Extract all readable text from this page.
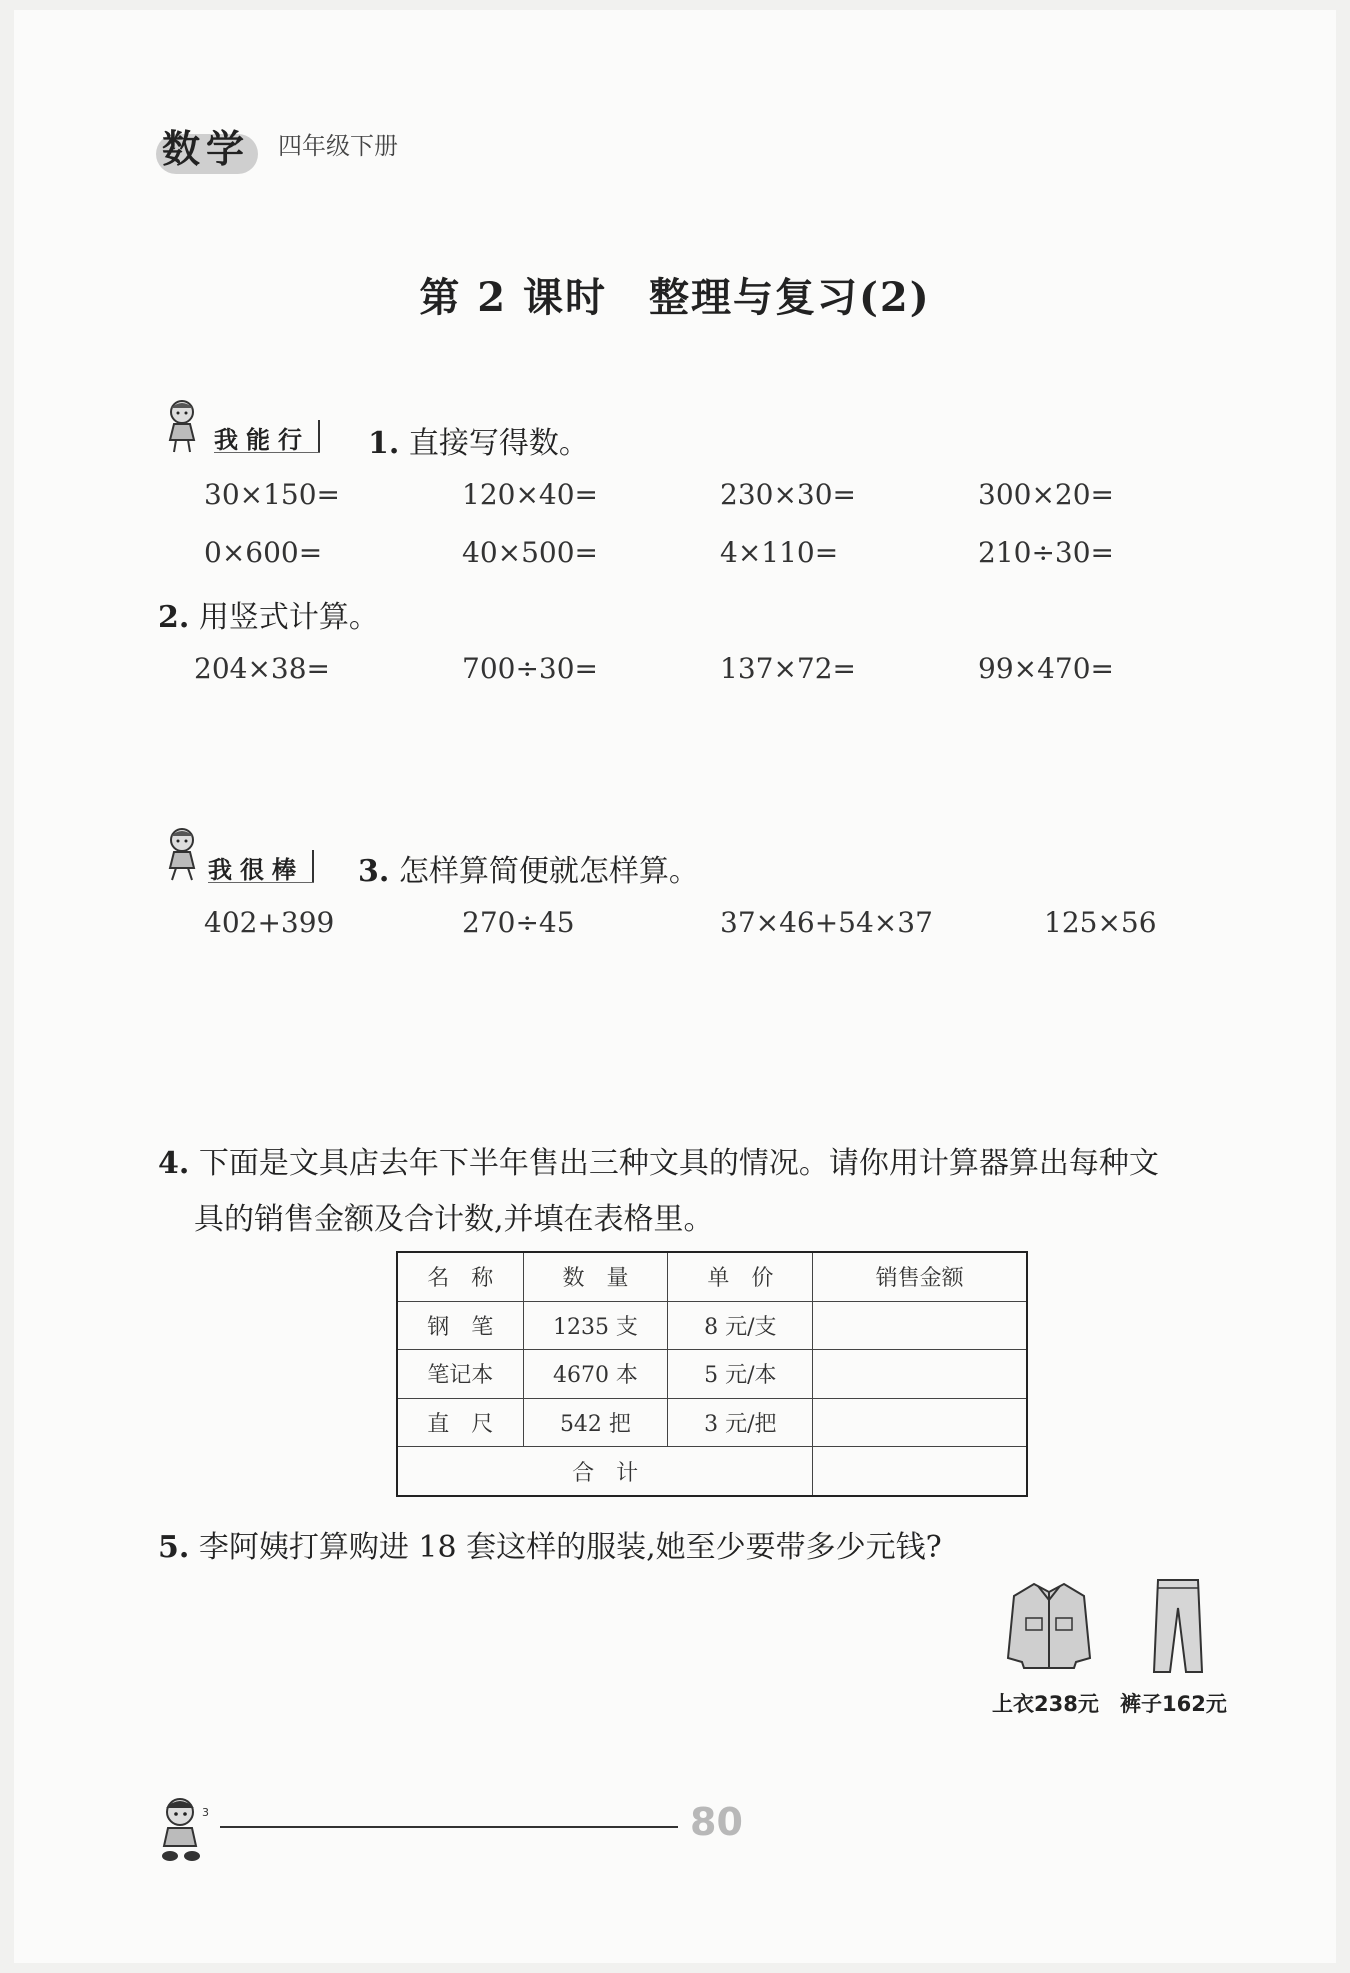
数学 四年级下册
第 2 课时　整理与复习(2)
我能行	1. 直接写得数。
30×150=	120×40=	230×30=	300×20=
0×600=	40×500=	4×110=	210÷30=
2. 用竖式计算。
204×38=	700÷30=	137×72=	99×470=
我很棒	3. 怎样算简便就怎样算。
402+399	270÷45	37×46+54×37	125×56
4. 下面是文具店去年下半年售出三种文具的情况。请你用计算器算出每种文
具的销售金额及合计数,并填在表格里。
名　称	数　量	单　价	销售金额
钢　笔	1235 支	8 元/支	
笔记本	4670 本	5 元/本	
直　尺	542 把	3 元/把	
合　计			
5. 李阿姨打算购进 18 套这样的服装,她至少要带多少元钱?
上衣238元 裤子162元
3	80
